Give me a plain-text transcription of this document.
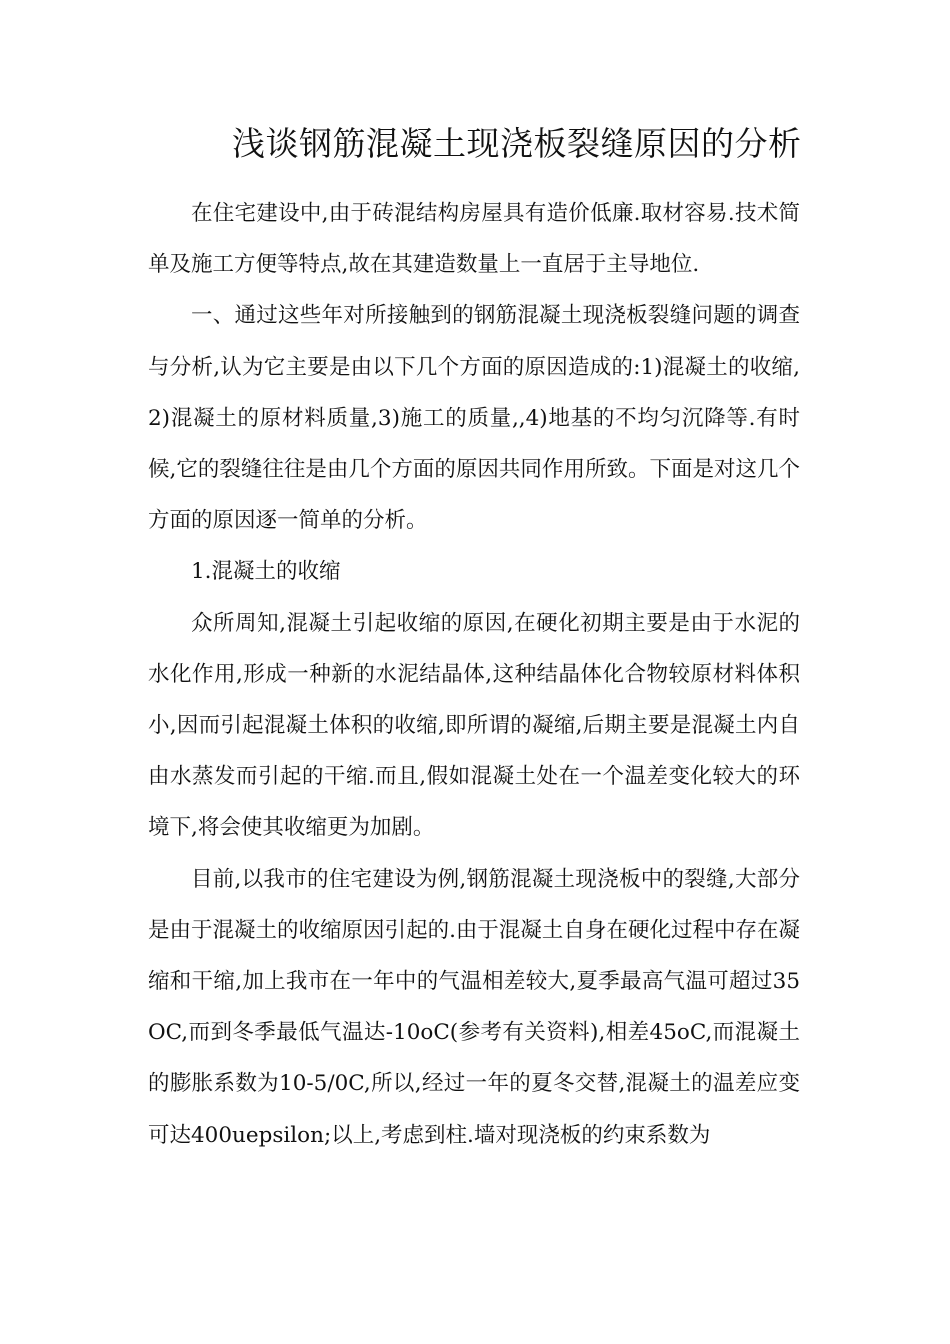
浅谈钢筋混凝土现浇板裂缝原因的分析

在住宅建设中,由于砖混结构房屋具有造价低廉.取材容易.技术简单及施工方便等特点,故在其建造数量上一直居于主导地位.

一、通过这些年对所接触到的钢筋混凝土现浇板裂缝问题的调查与分析,认为它主要是由以下几个方面的原因造成的:1)混凝土的收缩,2)混凝土的原材料质量,3)施工的质量,,4)地基的不均匀沉降等.有时候,它的裂缝往往是由几个方面的原因共同作用所致。下面是对这几个方面的原因逐一简单的分析。

1.混凝土的收缩

众所周知,混凝土引起收缩的原因,在硬化初期主要是由于水泥的水化作用,形成一种新的水泥结晶体,这种结晶体化合物较原材料体积小,因而引起混凝土体积的收缩,即所谓的凝缩,后期主要是混凝土内自由水蒸发而引起的干缩.而且,假如混凝土处在一个温差变化较大的环境下,将会使其收缩更为加剧。

目前,以我市的住宅建设为例,钢筋混凝土现浇板中的裂缝,大部分是由于混凝土的收缩原因引起的.由于混凝土自身在硬化过程中存在凝缩和干缩,加上我市在一年中的气温相差较大,夏季最高气温可超过35OC,而到冬季最低气温达-10oC(参考有关资料),相差45oC,而混凝土的膨胀系数为10-5/0C,所以,经过一年的夏冬交替,混凝土的温差应变可达400uepsilon;以上,考虑到柱.墙对现浇板的约束系数为
